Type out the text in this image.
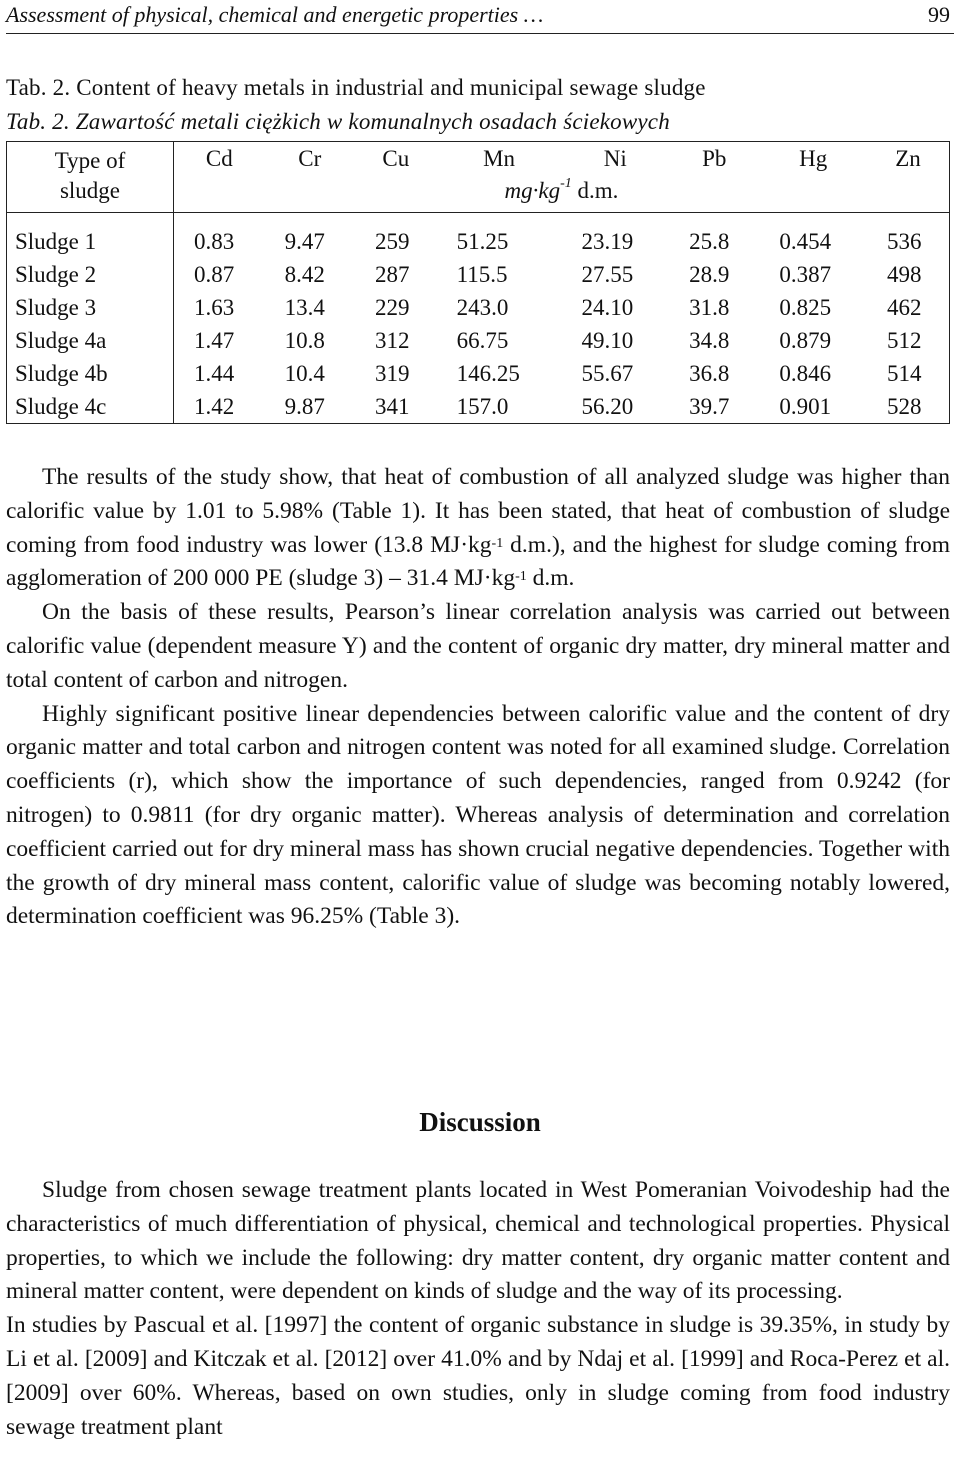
Assessment of physical, chemical and energetic properties …	99
Tab. 2. Content of heavy metals in industrial and municipal sewage sludge
Tab. 2. Zawartość metali ciężkich w komunalnych osadach ściekowych
Type of
sludge	Cd	Cr	Cu	Mn	Ni	Pb	Hg	Zn
	$mg\cdot kg^{-1}$ d.m.							
Sludge 1	0.83	9.47	259	51.25	23.19	25.8	0.454	536
Sludge 2	0.87	8.42	287	115.5	27.55	28.9	0.387	498
Sludge 3	1.63	13.4	229	243.0	24.10	31.8	0.825	462
Sludge 4a	1.47	10.8	312	66.75	49.10	34.8	0.879	512
Sludge 4b	1.44	10.4	319	146.25	55.67	36.8	0.846	514
Sludge 4c	1.42	9.87	341	157.0	56.20	39.7	0.901	528

The results of the study show, that heat of combustion of all analyzed sludge was higher than calorific value by 1.01 to 5.98% (Table 1). It has been stated, that heat of combustion of sludge coming from food industry was lower (13.8 $MJ\cdot kg^{-1}$ d.m.), and the highest for sludge coming from agglomeration of 200 000 PE (sludge 3) – 31.4 $MJ\cdot kg^{-1}$ d.m.

On the basis of these results, Pearson’s linear correlation analysis was carried out between calorific value (dependent measure Y) and the content of organic dry matter, dry mineral matter and total content of carbon and nitrogen.

Highly significant positive linear dependencies between calorific value and the content of dry organic matter and total carbon and nitrogen content was noted for all examined sludge. Correlation coefficients (r), which show the importance of such dependencies, ranged from 0.9242 (for nitrogen) to 0.9811 (for dry organic matter). Whereas analysis of determination and correlation coefficient carried out for dry mineral mass has shown crucial negative dependencies. Together with the growth of dry mineral mass content, calorific value of sludge was becoming notably lowered, determination coefficient was 96.25% (Table 3).

Discussion

Sludge from chosen sewage treatment plants located in West Pomeranian Voivodeship had the characteristics of much differentiation of physical, chemical and technological properties. Physical properties, to which we include the following: dry matter content, dry organic matter content and mineral matter content, were dependent on kinds of sludge and the way of its processing.

In studies by Pascual et al. [1997] the content of organic substance in sludge is 39.35%, in study by Li et al. [2009] and Kitczak et al. [2012] over 41.0% and by Ndaj et al. [1999] and Roca-Perez et al. [2009] over 60%. Whereas, based on own studies, only in sludge coming from food industry sewage treatment plant
